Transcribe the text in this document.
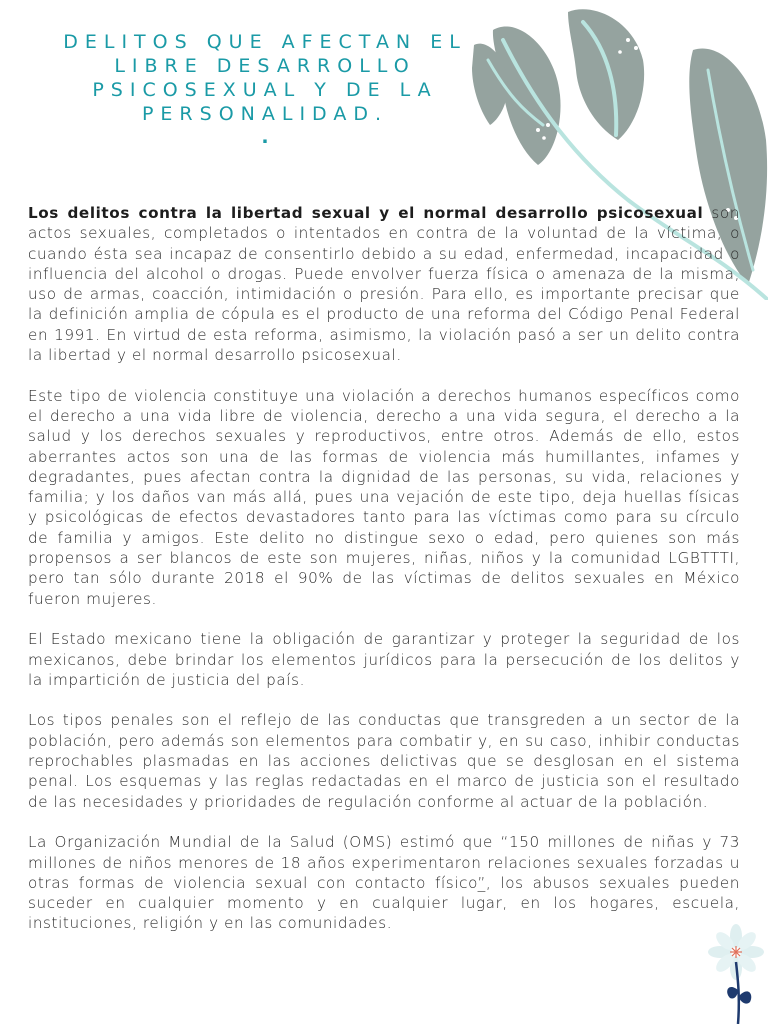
DELITOS QUE AFECTAN EL
LIBRE DESARROLLO
PSICOSEXUAL Y DE LA
PERSONALIDAD.
.

Los delitos contra la libertad sexual y el normal desarrollo psicosexual son actos sexuales, completados o intentados en contra de la voluntad de la víctima, o cuando ésta sea incapaz de consentirlo debido a su edad, enfermedad, incapacidad o influencia del alcohol o drogas. Puede envolver fuerza física o amenaza de la misma, uso de armas, coacción, intimidación o presión. Para ello, es importante precisar que la definición amplia de cópula es el producto de una reforma del Código Penal Federal en 1991. En virtud de esta reforma, asimismo, la violación pasó a ser un delito contra la libertad y el normal desarrollo psicosexual.

Este tipo de violencia constituye una violación a derechos humanos específicos como el derecho a una vida libre de violencia, derecho a una vida segura, el derecho a la salud y los derechos sexuales y reproductivos, entre otros. Además de ello, estos aberrantes actos son una de las formas de violencia más humillantes, infames y degradantes, pues afectan contra la dignidad de las personas, su vida, relaciones y familia; y los daños van más allá, pues una vejación de este tipo, deja huellas físicas y psicológicas de efectos devastadores tanto para las víctimas como para su círculo de familia y amigos. Este delito no distingue sexo o edad, pero quienes son más propensos a ser blancos de este son mujeres, niñas, niños y la comunidad LGBTTTI, pero tan sólo durante 2018 el 90% de las víctimas de delitos sexuales en México fueron mujeres.

El Estado mexicano tiene la obligación de garantizar y proteger la seguridad de los mexicanos, debe brindar los elementos jurídicos para la persecución de los delitos y la impartición de justicia del país.

Los tipos penales son el reflejo de las conductas que transgreden a un sector de la población, pero además son elementos para combatir y, en su caso, inhibir conductas reprochables plasmadas en las acciones delictivas que se desglosan en el sistema penal. Los esquemas y las reglas redactadas en el marco de justicia son el resultado de las necesidades y prioridades de regulación conforme al actuar de la población.

La Organización Mundial de la Salud (OMS) estimó que “150 millones de niñas y 73 millones de niños menores de 18 años experimentaron relaciones sexuales forzadas u otras formas de violencia sexual con contacto físico”̲, los abusos sexuales pueden suceder en cualquier momento y en cualquier lugar, en los hogares, escuela, instituciones, religión y en las comunidades.
